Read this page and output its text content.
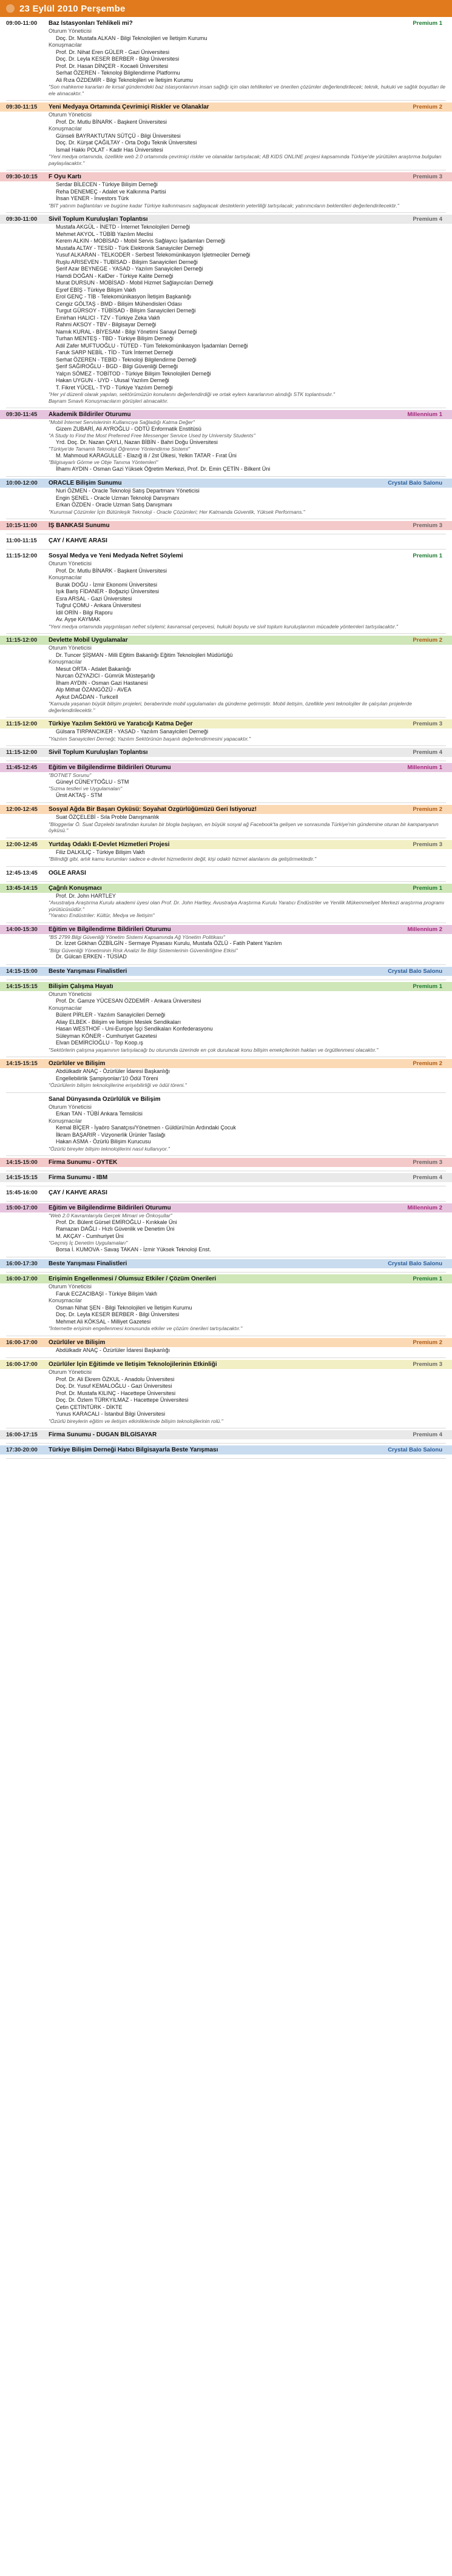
23 Eylül 2010 Perşembe
09:00-11:00	Baz İstasyonları Tehlikeli mi?	Premium 1
Oturum Yöneticisi
Doç. Dr. Mustafa ALKAN - Bilgi Teknolojileri ve İletişim Kurumu
Konuşmacılar
Prof. Dr. Nihat Eren GÜLER - Gazi Üniversitesi
Doç. Dr. Leyla KESER BERBER - Bilgi Üniversitesi
Prof. Dr. Hasan DİNÇER - Kocaeli Üniversitesi
Serhat ÖZEREN - Teknoloji Bilgilendirme Platformu
Ali Rıza ÖZDEMİR - Bilgi Teknolojileri ve İletişim Kurumu
"Son mahkeme kararları ile kırsal gündemdeki baz istasyonlarının insan sağlığı için olan tehlikeleri ve önerilen çözümler değerlendirilecek; teknik, hukuki ve sağlık boyutları ile ele alınacaktır."
09:30-11:15	Yeni Medyaya Ortamında Çevrimiçi Riskler ve Olanaklar	Premium 2
Oturum Yöneticisi
Prof. Dr. Mutlu BİNARK - Başkent Üniversitesi
Konuşmacılar
Günseli BAYRAKTUTAN SÜTÇÜ - Bilgi Üniversitesi
Doç. Dr. Kürşat ÇAĞILTAY - Orta Doğu Teknik Üniversitesi
İsmail Hakkı POLAT - Kadir Has Üniversitesi
"Yeni medya ortamında, özellikle web 2.0 ortamında çevrimiçi riskler ve olanaklar tartışılacak; AB KIDS ONLINE projesi kapsamında Türkiye'de yürütülen araştırma bulguları paylaşılacaktır."
09:30-10:15	F Oyu Kartı	Premium 3
Serdar BİLECEN - Türkiye Bilişim Derneği
Reha DENEMEÇ - Adalet ve Kalkınma Partisi
İhsan YENER - İnvestors Türk
"BİT yatırım bağlantıları ve bugüne kadar Türkiye kalkınmasını sağlayacak desteklerin yeterliliği tartışılacak; yatırımcıların beklentileri değerlendirilecektir."
09:30-11:00	Sivil Toplum Kuruluşları Toplantısı	Premium 4
Mustafa AKGÜL - İNETD - İnternet Teknolojileri Derneği
Mehmet AKYOL - TÜBİB Yazılım Meclisi
Kerem ALKIN - MOBİSAD - Mobil Servis Sağlayıcı İşadamları Derneği
Mustafa ALTAY - TESİD - Türk Elektronik Sanayiciler Derneği
Yusuf ALKARAN - TELKODER - Serbest Telekomünikasyon İşletmeciler Derneği
Ruşlu ARISEVEN - TUBİSAD - Bilişim Sanayicileri Derneği
Şerif Azar BEYNEGE - YASAD - Yazılım Sanayicileri Derneği
Hamdi DOĞAN - KalDer - Türkiye Kalite Derneği
Murat DURSUN - MOBİSAD - Mobil Hizmet Sağlayıcıları Derneği
Eşref EBİŞ - Türkiye Bilişim Vakfı
Erol GENÇ - TİB - Telekomünikasyon İletişim Başkanlığı
Cengiz GÖLTAŞ - BMD - Bilişim Mühendisleri Odası
Turgut GÜRSOY - TÜBİSAD - Bilişim Sanayicileri Derneği
Emirhan HALICI - TZV - Türkiye Zeka Vakfı
Rahmi AKSOY - TBV - Bilgisayar Derneği
Namık KURAL - BİYESAM - Bilgi Yönetimi Sanayi Derneği
Turhan MENTEŞ - TBD - Türkiye Bilişim Derneği
Adil Zafer MUFTUOĞLU - TÜTED - Tüm Telekomünikasyon İşadamları Derneği
Faruk SARP NEBİL - TİD - Türk İnternet Derneği
Serhat ÖZEREN - TEBİD - Teknoloji Bilgilendirme Derneği
Şerif SAĞIROĞLU - BGD - Bilgi Güvenliği Derneği
Yalçın SÖMEZ - TOBİTOD - Türkiye Bilişim Teknolojileri Derneği
Hakan UYGUN - UYD - Ulusal Yazılım Derneği
T. Fikret YÜCEL - TYD - Türkiye Yazılım Derneği
"Her yıl düzenli olarak yapılan, sektörümüzün konularını değerlendirdiği ve ortak eylem kararlarının alındığı STK toplantısıdır."
Bayram Sınavlı Konuşmacıların görüşleri alınacaktır.
09:30-11:45	Akademik Bildiriler Oturumu	Millennium 1
"Mobil İnternet Servislerinin Kullanıcıya Sağladığı Katma Değer"
Gizem ZUBARİ, Ali AYROĞLU - ODTÜ Enformatik Enstitüsü
"A Study to Find the Most Preferred Free Messenger Service Used by University Students"
Yrd. Doç. Dr. Nazan ÇAYLI, Nazan BİBİN - Bahri Doğu Üniversitesi
"Türkiye'de Tamamlı Teknoloji Öğrenme Yönlendirme Sistemi"
M. Mahmoud KARAGULLE - Elazığ ili / 2st Ülkesi, Yelkin TATAR - Fırat Üni
"Bilgisayarlı Görme ve Obje Tanıma Yöntemleri"
İlhamı AYDIN - Osman Gazi Yüksek Öğretim Merkezi, Prof. Dr. Emin ÇETİN - Bilkent Üni
10:00-12:00	ORACLE Bilişim Sunumu	Crystal Balo Salonu
Nuri ÖZMEN - Oracle Teknoloji Satış Departmanı Yöneticisi
Engin ŞENEL - Oracle Uzman Teknoloji Danışmanı
Erkan ÖZDEN - Oracle Uzman Satış Danışmanı
"Kurumsal Çözümler İçin Bütünleşik Teknoloji - Oracle Çözümleri; Her Katmanda Güvenlik, Yüksek Performans."
10:15-11:00	İŞ BANKASI Sunumu	Premium 3
11:00-11:15	ÇAY / KAHVE ARASI
11:15-12:00	Sosyal Medya ve Yeni Medyada Nefret Söylemi	Premium 1
Oturum Yöneticisi
Prof. Dr. Mutlu BİNARK - Başkent Üniversitesi
Konuşmacılar
Burak DOĞU - İzmir Ekonomi Üniversitesi
Işık Bariş FİDANER - Boğaziçi Üniversitesi
Esra ARSAL - Gazi Üniversitesi
Tuğrul ÇOMU - Ankara Üniversitesi
İdil ORİN - Bilgi Raporu
Av. Ayşe KAYMAK
"Yeni medya ortamında yaygınlaşan nefret söylemi; kavramsal çerçevesi, hukuki boyutu ve sivil toplum kuruluşlarının mücadele yöntemleri tartışılacaktır."
11:15-12:00	Devlette Mobil Uygulamalar	Premium 2
Oturum Yöneticisi
Dr. Tuncer ŞİŞMAN - Milli Eğitim Bakanlığı Eğitim Teknolojileri Müdürlüğü
Konuşmacılar
Mesut ORTA - Adalet Bakanlığı
Nurcan ÖZYAZICI - Gümrük Müsteşarlığı
İlham AYDIN - Osman Gazi Hastanesi
Alp Mithat ÖZANGÖZÜ - AVEA
Aykut DAĞDAN - Turkcell
"Kamuda yaşanan büyük bilişim projeleri, beraberinde mobil uygulamaları da gündeme getirmiştir. Mobil iletişim, özellikle yeni teknolojiler ile çalışılan projelerde değerlendirilecektir."
11:15-12:00	Türkiye Yazılım Sektörü ve Yaratıcığı Katma Değer	Premium 3
Gülsara TIRPANCIKER - YASAD - Yazılım Sanayicileri Derneği
"Yazılım Sanayicileri Derneği; Yazılım Sektörünün başarılı değerlendirmesini yapacaktır."
11:15-12:00	Sivil Toplum Kuruluşları Toplantısı	Premium 4
11:45-12:45	Eğitim ve Bilgilendirme Bildirileri Oturumu	Millennium 1
"BOTNET Sorunu"
Güneyl CÜNEYTOĞLU - STM
"Sızma testleri ve Uygulamaları"
Ümit AKTAŞ - STM
12:00-12:45	Sosyal Ağda Bir Başarı Öyküsü: Soyahat Özgürlüğümüzü Geri İstiyoruz!	Premium 2
Suat ÖZÇELEBİ - Sıla Proble Danışmanlık
"Bloggerlar Ö. Suat Özçelebi tarafından kurulan bir blogla başlayan, en büyük sosyal ağ Facebook'ta gelişen ve sonrasında Türkiye'nin gündemine oturan bir kampanyanın öyküsü."
12:00-12:45	Yurtdaş Odaklı E-Devlet Hizmetleri Projesi	Premium 3
Filiz DALKILIÇ - Türkiye Bilişim Vakfı
"Bilindiği gibi, artık kamu kurumları sadece e-devlet hizmetlerini değil, kişi odaklı hizmet alanlarını da geliştirmektedir."
12:45-13:45	ÖĞLE ARASI
13:45-14:15	Çağrılı Konuşmacı	Premium 1
Prof. Dr. John HARTLEY
"Avustralya Araştırma Kurulu akademi üyesi olan Prof. Dr. John Hartley, Avustralya Araştırma Kurulu Yaratıcı Endüstriler ve Yenilik Mükemmeliyet Merkezi araştırma programı yürütücüsüdür."
"Yaratıcı Endüstriler: Kültür, Medya ve İletişim"
14:00-15:30	Eğitim ve Bilgilendirme Bildirileri Oturumu	Millennium 2
"BS 2799 Bilgi Güvenliği Yönetim Sistemi Kapsamında Ağ Yönetim Politikası"
Dr. İzzet Gökhan ÖZBİLGİN - Sermaye Piyasası Kurulu, Mustafa ÖZLÜ - Fatih Patent Yazılım
"Bilgi Güvenliği Yönetiminin Risk Analizi İle Bilgi Sistemlerinin Güvenilirliğine Etkisi"
Dr. Gülcan ERKEN - TÜSİAD
14:15-15:00	Beste Yarışması Finalistleri	Crystal Balo Salonu
14:15-15:15	Bilişim Çalışma Hayatı	Premium 1
Oturum Yöneticisi
Prof. Dr. Gamze YÜCESAN ÖZDEMİR - Ankara Üniversitesi
Konuşmacılar
Bülent PİRLER - Yazılım Sanayicileri Derneği
Aliay ELBEK - Bilişim ve İletişim Meslek Sendikaları
Hasan WESTHOF - Uni-Europe İşçi Sendikaları Konfederasyonu
Süleyman KÖNER - Cumhuriyet Gazetesi
Elvan DEMİRCİOĞLU - Top Koop.ış
"Sektörlerin çalışma yaşamının tartışılacağı bu oturumda üzerinde en çok durulacak konu bilişim emekçilerinin hakları ve örgütlenmesi olacaktır."
14:15-15:15	Özürlüler ve Bilişim	Premium 2
Abdülkadir ANAÇ - Özürlüler İdaresi Başkanlığı
Engellebilirlik Şampiyonları'10 Ödül Töreni
"Özürlülerin bilişim teknolojilerine erişebilirliği ve ödül töreni."
Sanal Dünyasında Özürlülük ve Bilişim
Oturum Yöneticisi
Erkan TAN - TÜBİ Ankara Temsilcisi
Konuşmacılar
Kemal BİÇER - İyaöro Sanatçısı/Yönetmen - Güldürü'nün Ardındaki Çocuk
İlkram BAŞARIR - Vizyonerlik Ürünler Taslağı
Hakan ASMA - Özürlü Bilişim Kurucusu
"Özürlü bireyler bilişim teknolojilerini nasıl kullanıyor."
14:15-15:00	Firma Sunumu - OYTEK	Premium 3
14:15-15:15	Firma Sunumu - IBM	Premium 4
15:45-16:00	ÇAY / KAHVE ARASI
15:00-17:00	Eğitim ve Bilgilendirme Bildirileri Oturumu	Millennium 2
"Web 2.0 Kavramlarıyla Gerçek Mimari ve Önkoşullar"
Prof. Dr. Bülent Gürsel EMİROĞLU - Kırıkkale Üni
Ramazan DAĞLI - Hızlı Güvenlik ve Denetim Üni
M. AKÇAY - Cumhuriyet Üni
"Geçmiş İç Denetim Uygulamaları"
Borsa İ. KUMOVA - Savaş TAKAN - İzmir Yüksek Teknoloji Enst.
16:00-17:30	Beste Yarışması Finalistleri	Crystal Balo Salonu
16:00-17:00	Erişimin Engellenmesi / Olumsuz Etkiler / Çözüm Önerileri	Premium 1
Oturum Yöneticisi
Faruk ECZACIBAŞI - Türkiye Bilişim Vakfı
Konuşmacılar
Osman Nihat ŞEN - Bilgi Teknolojileri ve İletişim Kurumu
Doç. Dr. Leyla KESER BERBER - Bilgi Üniversitesi
Mehmet Ali KÖKSAL - Milliyet Gazetesi
"İnternette erişimin engellenmesi konusunda etkiler ve çözüm önerileri tartışılacaktır."
16:00-17:00	Özürlüler ve Bilişim	Premium 2
Abdülkadir ANAÇ - Özürlüler İdaresi Başkanlığı
16:00-17:00	Özürlüler İçin Eğitimde ve İletişim Teknolojilerinin Etkinliği	Premium 3
Oturum Yöneticisi
Prof. Dr. Ali Ekrem ÖZKUL - Anadolu Üniversitesi
Doç. Dr. Yusuf KEMALOĞLU - Gazi Üniversitesi
Prof. Dr. Mustafa KILINÇ - Hacettepe Üniversitesi
Doç. Dr. Özlem TÜRKYILMAZ - Hacettepe Üniversitesi
Çetin ÇETİNTÜRK - DİKTE
Yunus KARACALI - İstanbul Bilgi Üniversitesi
"Özürlü bireylerin eğitim ve iletişim etkinliklerinde bilişim teknolojilerinin rolü."
16:00-17:15	Firma Sunumu - DUGAN BİLGİSAYAR	Premium 4
17:30-20:00	Türkiye Bilişim Derneği Hatıcı Bilgisayarla Beste Yarışması	Crystal Balo Salonu
